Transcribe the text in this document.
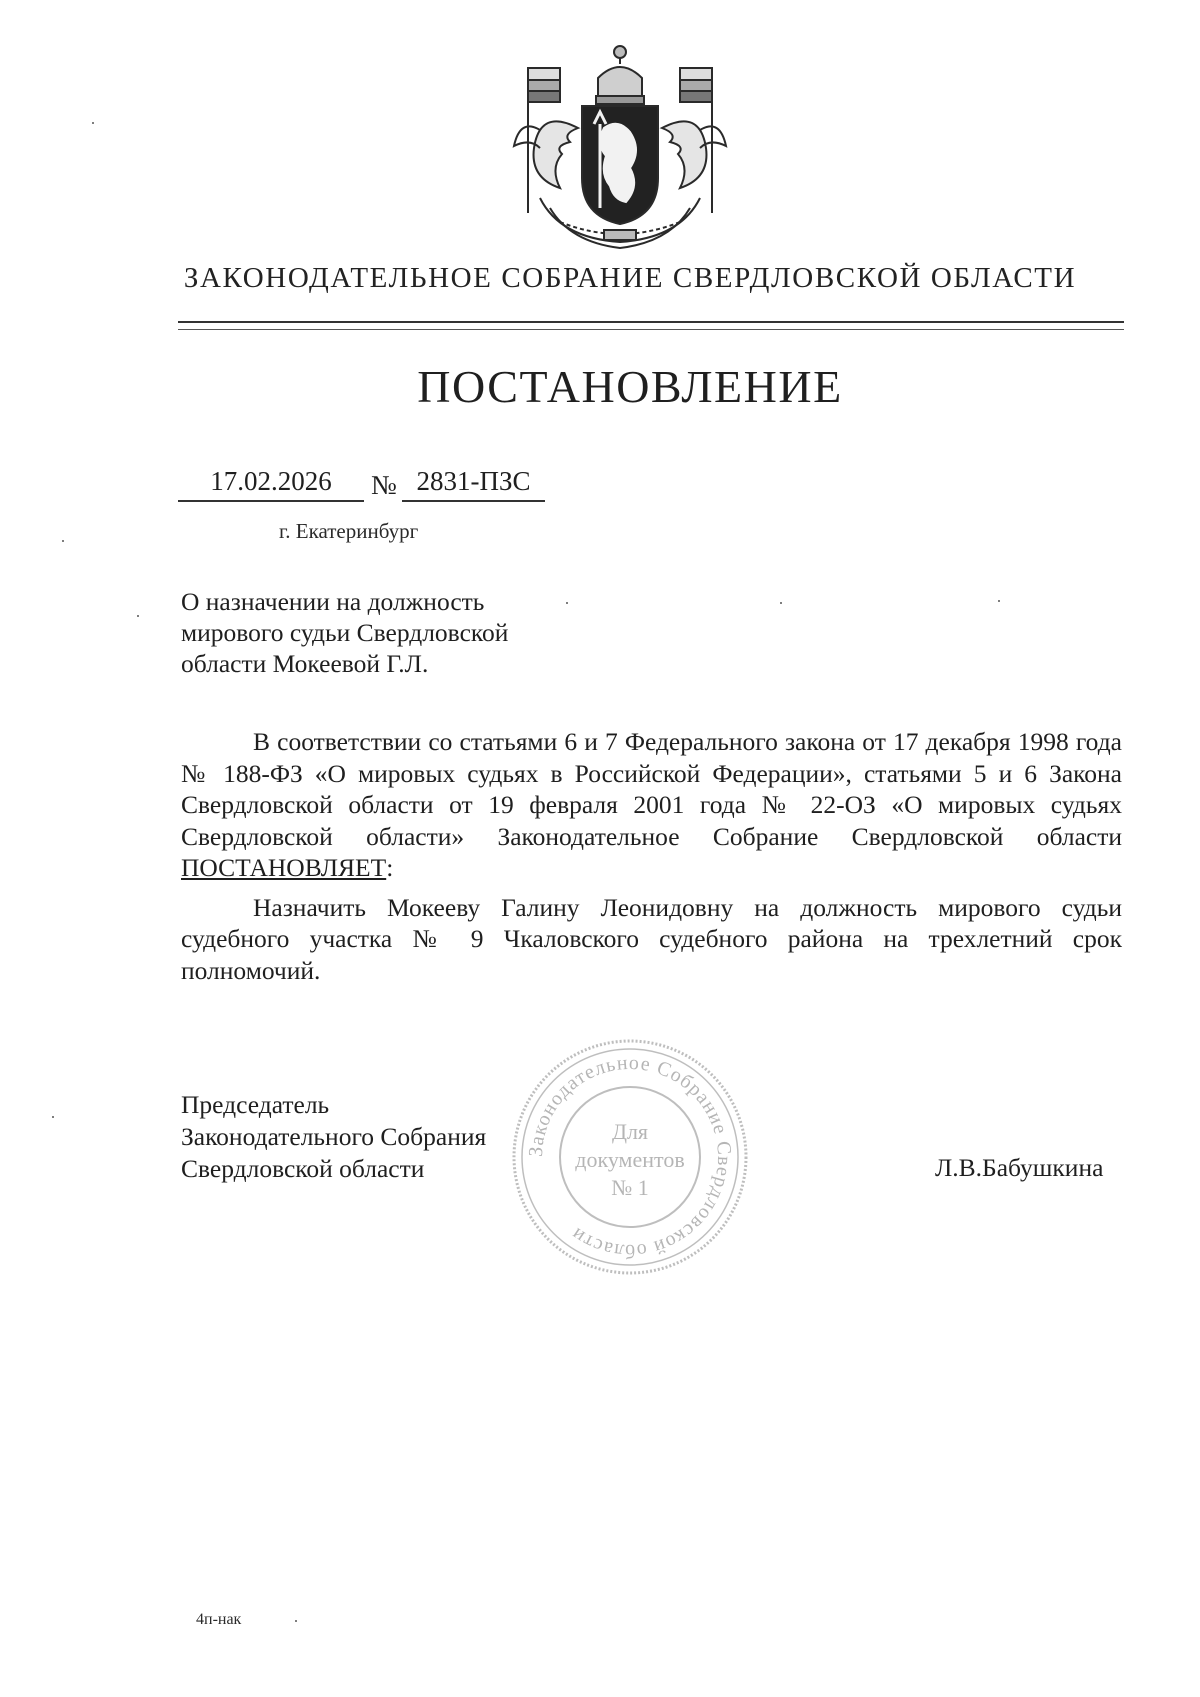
ЗАКОНОДАТЕЛЬНОЕ СОБРАНИЕ СВЕРДЛОВСКОЙ ОБЛАСТИ
ПОСТАНОВЛЕНИЕ
17.02.2026	№ 2831-ПЗС
г. Екатеринбург
О назначении на должность
мирового судьи Свердловской
области Мокеевой Г.Л.

В соответствии со статьями 6 и 7 Федерального закона от 17 декабря 1998 года № 188-ФЗ «О мировых судьях в Российской Федерации», статьями 5 и 6 Закона Свердловской области от 19 февраля 2001 года № 22-ОЗ «О мировых судьях Свердловской области» Законодательное Собрание Свердловской области ПОСТАНОВЛЯЕТ:

Назначить Мокееву Галину Леонидовну на должность мирового судьи судебного участка № 9 Чкаловского судебного района на трехлетний срок полномочий.

Председатель
Законодательного Собрания
Свердловской области	Л.В.Бабушкина
Законодательное Собрание Свердловской области
Для
документов
№ 1
4п-нак
